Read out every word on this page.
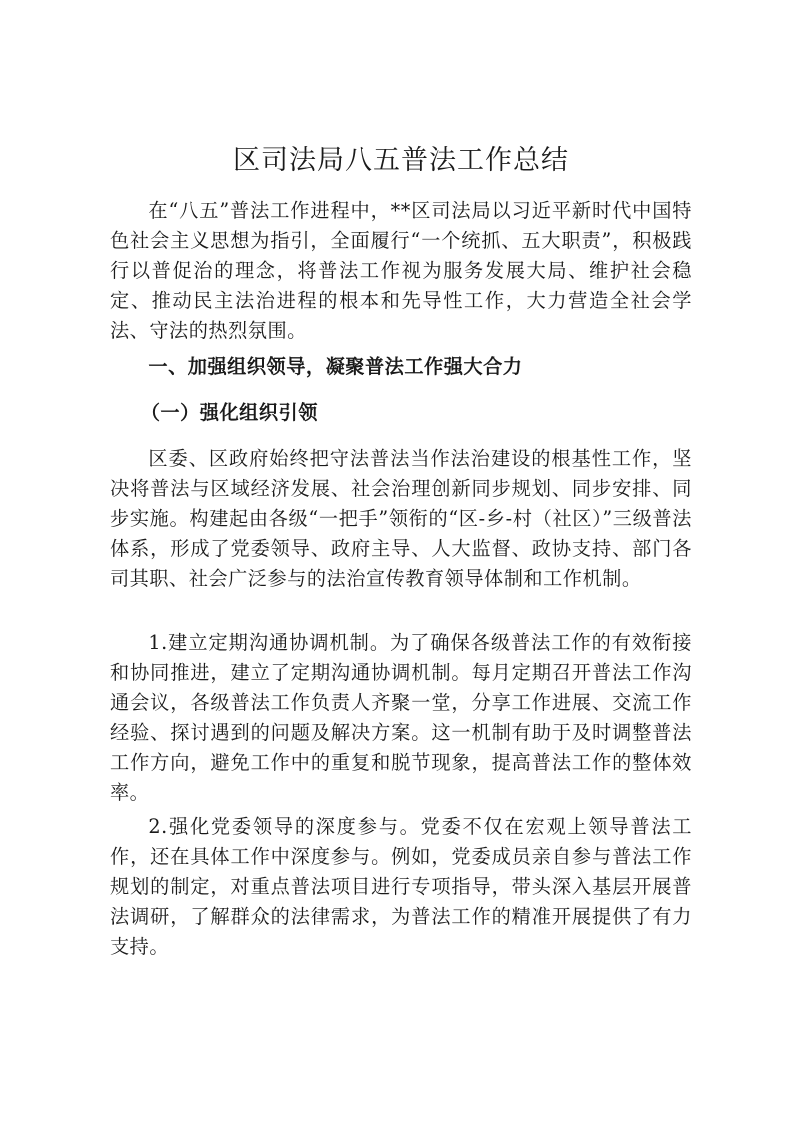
区司法局八五普法工作总结

在“八五”普法工作进程中，**区司法局以习近平新时代中国特色社会主义思想为指引，全面履行“一个统抓、五大职责”，积极践行以普促治的理念，将普法工作视为服务发展大局、维护社会稳定、推动民主法治进程的根本和先导性工作，大力营造全社会学法、守法的热烈氛围。

一、加强组织领导，凝聚普法工作强大合力

（一）强化组织引领

区委、区政府始终把守法普法当作法治建设的根基性工作，坚决将普法与区域经济发展、社会治理创新同步规划、同步安排、同步实施。构建起由各级“一把手”领衔的“区-乡-村（社区）”三级普法体系，形成了党委领导、政府主导、人大监督、政协支持、部门各司其职、社会广泛参与的法治宣传教育领导体制和工作机制。

1.建立定期沟通协调机制。为了确保各级普法工作的有效衔接和协同推进，建立了定期沟通协调机制。每月定期召开普法工作沟通会议，各级普法工作负责人齐聚一堂，分享工作进展、交流工作经验、探讨遇到的问题及解决方案。这一机制有助于及时调整普法工作方向，避免工作中的重复和脱节现象，提高普法工作的整体效率。

2.强化党委领导的深度参与。党委不仅在宏观上领导普法工作，还在具体工作中深度参与。例如，党委成员亲自参与普法工作规划的制定，对重点普法项目进行专项指导，带头深入基层开展普法调研，了解群众的法律需求，为普法工作的精准开展提供了有力支持。
